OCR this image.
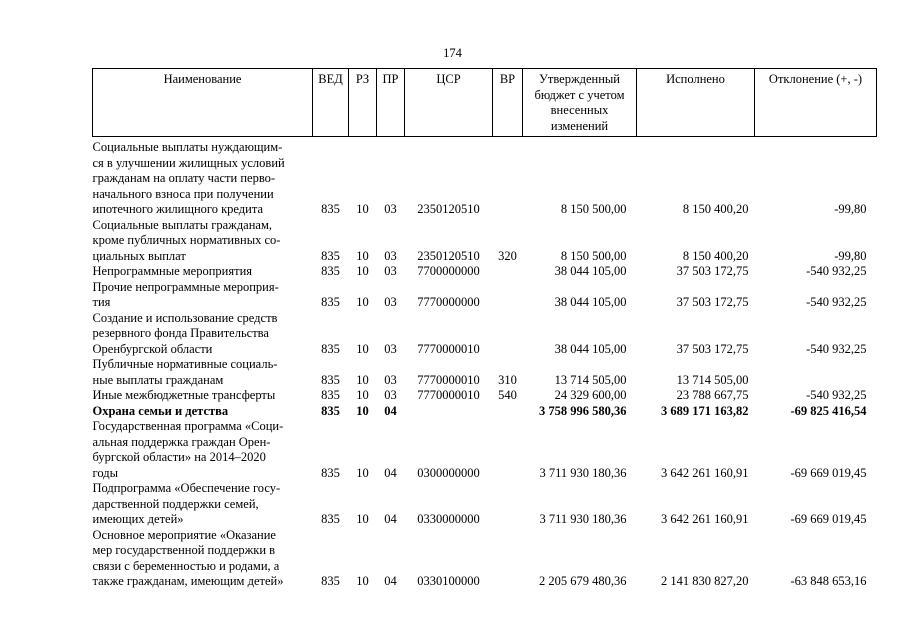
174
Наименование	ВЕД	РЗ	ПР	ЦСР	ВР	Утвержденный бюджет с учетом внесенных изменений	Исполнено	Отклонение (+, -)
Социальные выплаты нуждающим-
ся в улучшении жилищных условий
гражданам на оплату части перво-
начального взноса при получении
ипотечного жилищного кредита	835	10	03	2350120510		8 150 500,00	8 150 400,20	-99,80
Социальные выплаты гражданам,
кроме публичных нормативных со-
циальных выплат	835	10	03	2350120510	320	8 150 500,00	8 150 400,20	-99,80
Непрограммные мероприятия	835	10	03	7700000000		38 044 105,00	37 503 172,75	-540 932,25
Прочие непрограммные мероприя-
тия	835	10	03	7770000000		38 044 105,00	37 503 172,75	-540 932,25
Создание и использование средств
резервного фонда Правительства
Оренбургской области	835	10	03	7770000010		38 044 105,00	37 503 172,75	-540 932,25
Публичные нормативные социаль-
ные выплаты гражданам	835	10	03	7770000010	310	13 714 505,00	13 714 505,00	
Иные межбюджетные трансферты	835	10	03	7770000010	540	24 329 600,00	23 788 667,75	-540 932,25
Охрана семьи и детства	835	10	04			3 758 996 580,36	3 689 171 163,82	-69 825 416,54
Государственная программа «Соци-
альная поддержка граждан Орен-
бургской области» на 2014–2020
годы	835	10	04	0300000000		3 711 930 180,36	3 642 261 160,91	-69 669 019,45
Подпрограмма «Обеспечение госу-
дарственной поддержки семей,
имеющих детей»	835	10	04	0330000000		3 711 930 180,36	3 642 261 160,91	-69 669 019,45
Основное мероприятие «Оказание
мер государственной поддержки в
связи с беременностью и родами, а
также гражданам, имеющим детей»	835	10	04	0330100000		2 205 679 480,36	2 141 830 827,20	-63 848 653,16
